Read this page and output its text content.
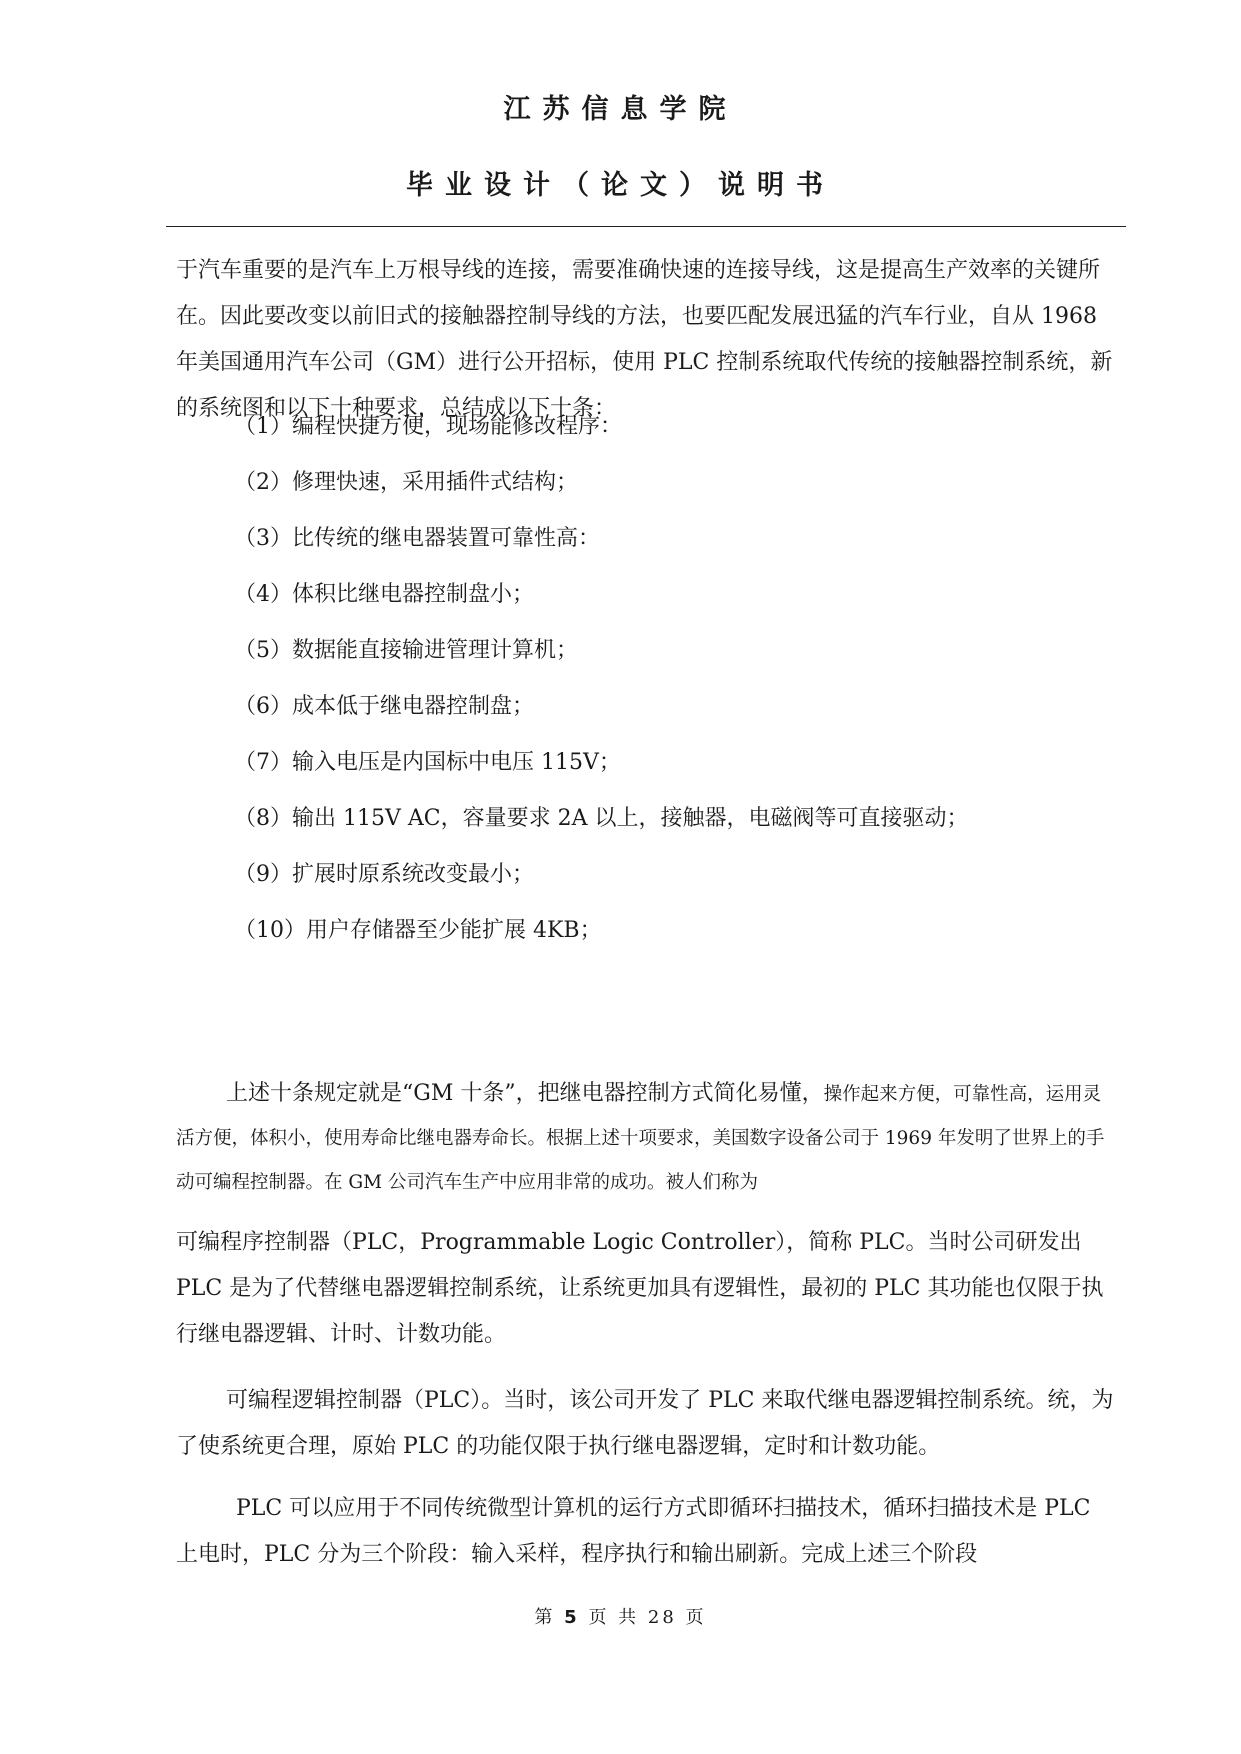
江苏信息学院
毕业设计（论文）说明书

于汽车重要的是汽车上万根导线的连接，需要准确快速的连接导线，这是提高生产效率的关键所在。因此要改变以前旧式的接触器控制导线的方法，也要匹配发展迅猛的汽车行业，自从 1968 年美国通用汽车公司（GM）进行公开招标，使用 PLC 控制系统取代传统的接触器控制系统，新的系统图和以下十种要求，总结成以下十条：

（1）编程快捷方便，现场能修改程序：

（2）修理快速，采用插件式结构；

（3）比传统的继电器装置可靠性高：

（4）体积比继电器控制盘小；

（5）数据能直接输进管理计算机；

（6）成本低于继电器控制盘；

（7）输入电压是内国标中电压 115V；

（8）输出 115V AC，容量要求 2A 以上，接触器，电磁阀等可直接驱动；

（9）扩展时原系统改变最小；

（10）用户存储器至少能扩展 4KB；

上述十条规定就是“GM 十条”，把继电器控制方式简化易懂，操作起来方便，可靠性高，运用灵活方便，体积小，使用寿命比继电器寿命长。根据上述十项要求，美国数字设备公司于 1969 年发明了世界上的手动可编程控制器。在 GM 公司汽车生产中应用非常的成功。被人们称为

可编程序控制器（PLC，Programmable Logic Controller），简称 PLC。当时公司研发出 PLC 是为了代替继电器逻辑控制系统，让系统更加具有逻辑性，最初的 PLC 其功能也仅限于执行继电器逻辑、计时、计数功能。

可编程逻辑控制器（PLC）。当时，该公司开发了 PLC 来取代继电器逻辑控制系统。统，为了使系统更合理，原始 PLC 的功能仅限于执行继电器逻辑，定时和计数功能。

PLC 可以应用于不同传统微型计算机的运行方式即循环扫描技术，循环扫描技术是 PLC 上电时，PLC 分为三个阶段：输入采样，程序执行和输出刷新。完成上述三个阶段

第 5 页 共 28 页
